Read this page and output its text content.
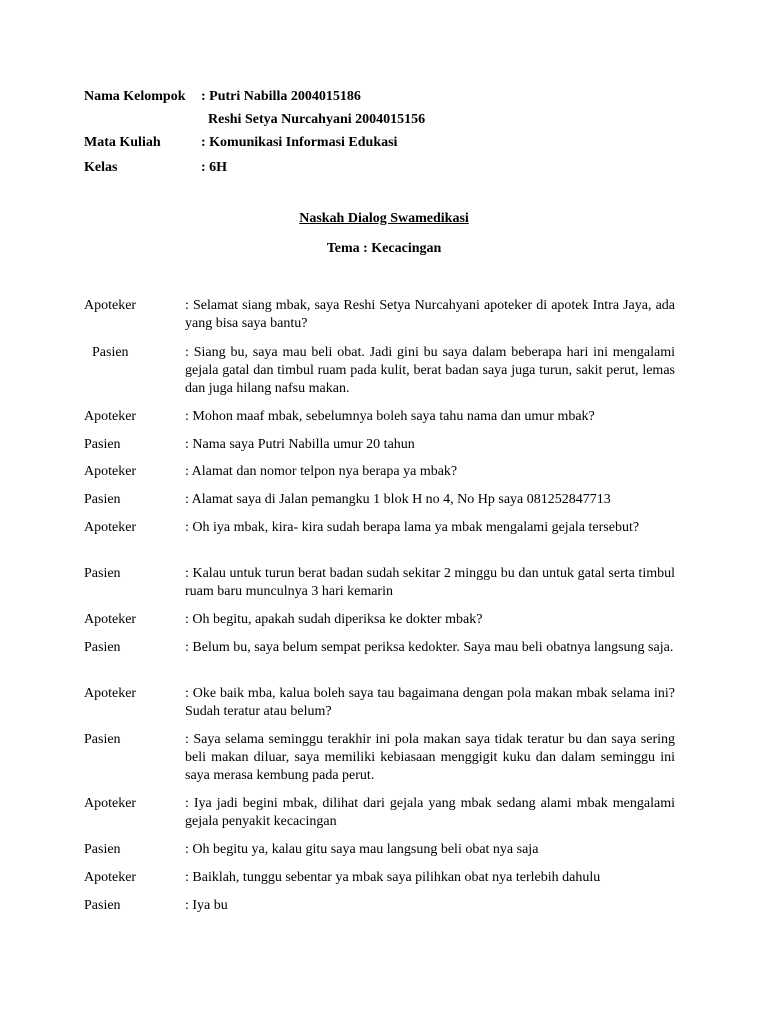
Nama Kelompok : Putri Nabilla 2004015186
Reshi Setya Nurcahyani 2004015156
Mata Kuliah	: Komunikasi Informasi Edukasi
Kelas	: 6H
Naskah Dialog Swamedikasi
Tema : Kecacingan
Apoteker	: Selamat siang mbak, saya Reshi Setya Nurcahyani apoteker di apotek Intra Jaya, ada yang bisa saya bantu?
Pasien	: Siang bu, saya mau beli obat. Jadi gini bu saya dalam beberapa hari ini mengalami gejala gatal dan timbul ruam pada kulit, berat badan saya juga turun, sakit perut, lemas dan juga hilang nafsu makan.
Apoteker	: Mohon maaf mbak, sebelumnya boleh saya tahu nama dan umur mbak?
Pasien	: Nama saya Putri Nabilla umur 20 tahun
Apoteker	: Alamat dan nomor telpon nya berapa ya mbak?
Pasien	: Alamat saya di Jalan pemangku 1 blok H no 4, No Hp saya 081252847713
Apoteker	: Oh iya mbak, kira- kira sudah berapa lama ya mbak mengalami gejala tersebut?
Pasien	: Kalau untuk turun berat badan sudah sekitar 2 minggu bu dan untuk gatal serta timbul ruam baru munculnya 3 hari kemarin
Apoteker	: Oh begitu, apakah sudah diperiksa ke dokter mbak?
Pasien	: Belum bu, saya belum sempat periksa kedokter. Saya mau beli obatnya langsung saja.
Apoteker	: Oke baik mba, kalua boleh saya tau bagaimana dengan pola makan mbak selama ini? Sudah teratur atau belum?
Pasien	: Saya selama seminggu terakhir ini pola makan saya tidak teratur bu dan saya sering beli makan diluar, saya memiliki kebiasaan menggigit kuku dan dalam seminggu ini saya merasa kembung pada perut.
Apoteker	: Iya jadi begini mbak, dilihat dari gejala yang mbak sedang alami mbak mengalami gejala penyakit kecacingan
Pasien	: Oh begitu ya, kalau gitu saya mau langsung beli obat nya saja
Apoteker	: Baiklah, tunggu sebentar ya mbak saya pilihkan obat nya terlebih dahulu
Pasien	: Iya bu
